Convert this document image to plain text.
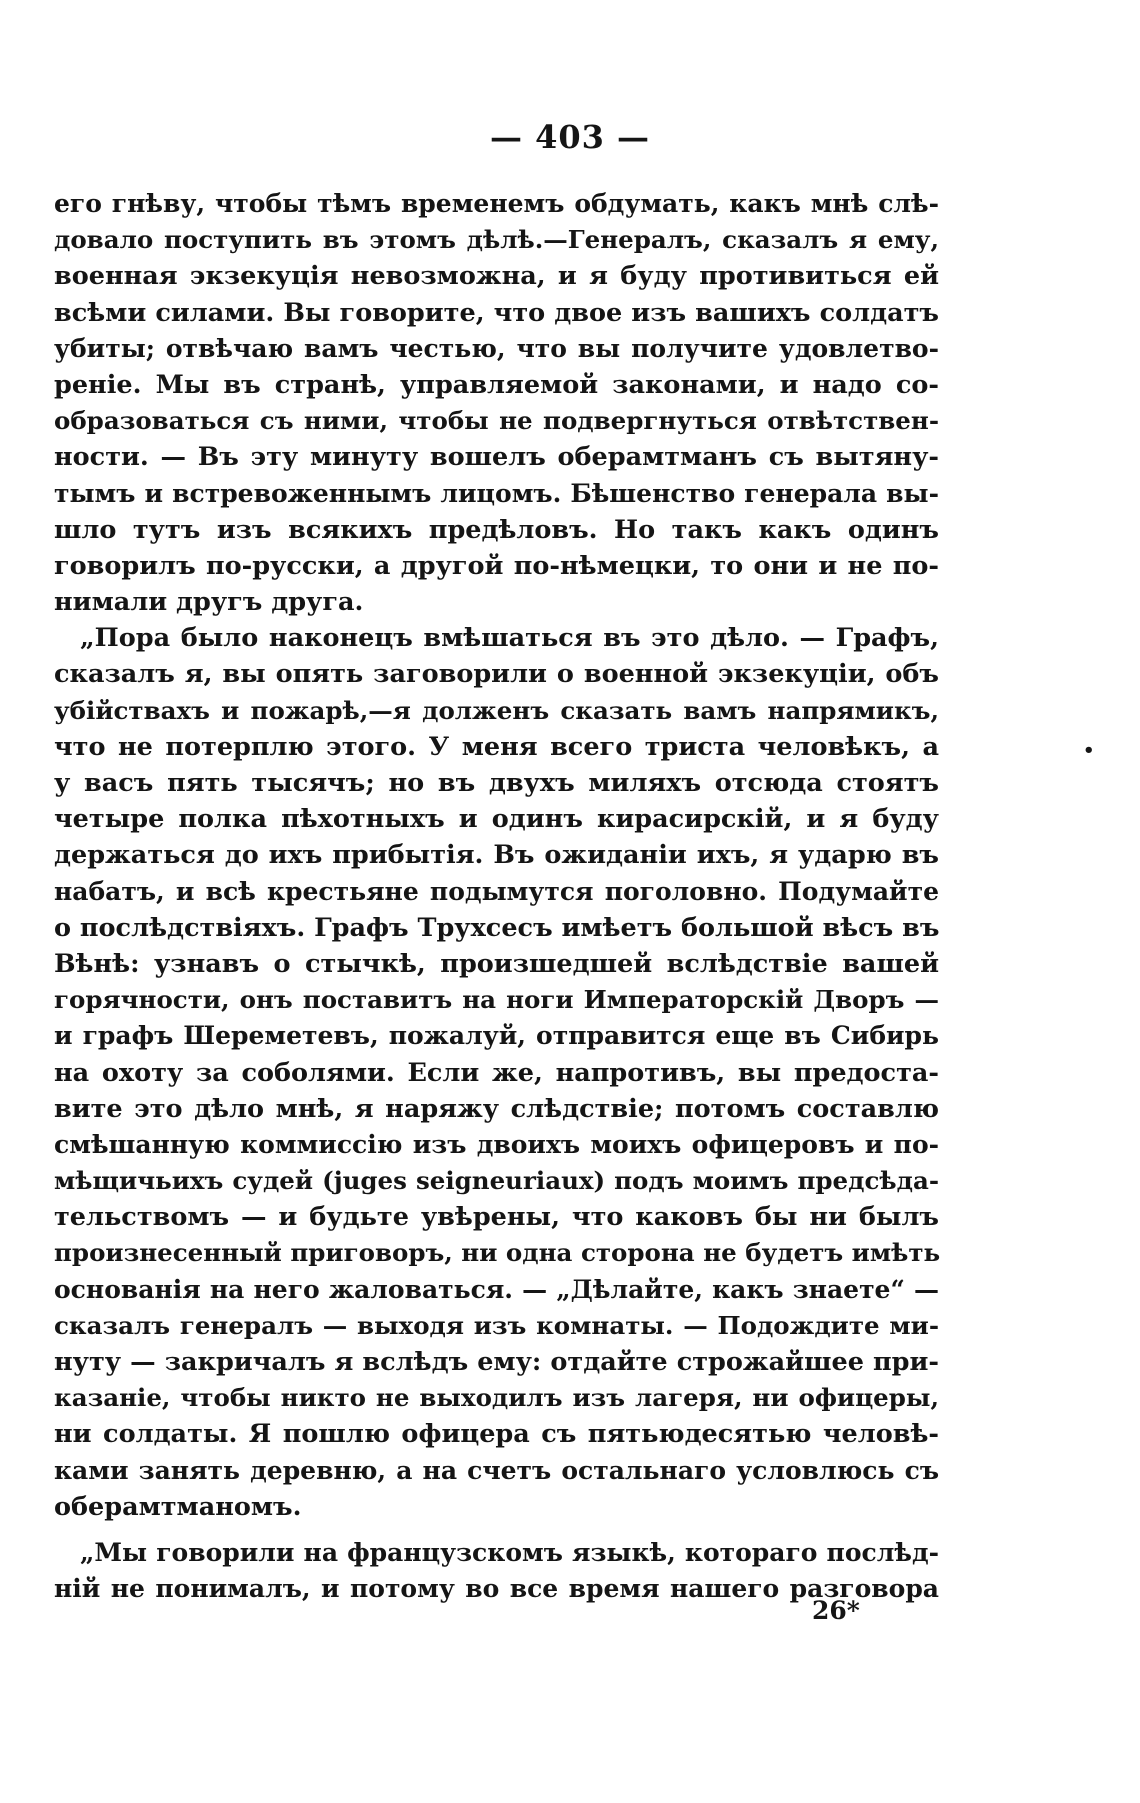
— 403 —
его гнѣву, чтобы тѣмъ временемъ обдумать, какъ мнѣ слѣ-
довало поступить въ этомъ дѣлѣ.—Генералъ, сказалъ я ему,
военная экзекуція невозможна, и я буду противиться ей
всѣми силами. Вы говорите, что двое изъ вашихъ солдатъ
убиты; отвѣчаю вамъ честью, что вы получите удовлетво-
реніе. Мы въ странѣ, управляемой законами, и надо со-
образоваться съ ними, чтобы не подвергнуться отвѣтствен-
ности. — Въ эту минуту вошелъ оберамтманъ съ вытяну-
тымъ и встревоженнымъ лицомъ. Бѣшенство генерала вы-
шло тутъ изъ всякихъ предѣловъ. Но такъ какъ одинъ
говорилъ по-русски, а другой по-нѣмецки, то они и не по-
нимали другъ друга.
„Пора было наконецъ вмѣшаться въ это дѣло. — Графъ,
сказалъ я, вы опять заговорили о военной экзекуціи, объ
убійствахъ и пожарѣ,—я долженъ сказать вамъ напрямикъ,
что не потерплю этого. У меня всего триста человѣкъ, а
у васъ пять тысячъ; но въ двухъ миляхъ отсюда стоятъ
четыре полка пѣхотныхъ и одинъ кирасирскій, и я буду
держаться до ихъ прибытія. Въ ожиданіи ихъ, я ударю въ
набатъ, и всѣ крестьяне подымутся поголовно. Подумайте
о послѣдствіяхъ. Графъ Трухсесъ имѣетъ большой вѣсъ въ
Вѣнѣ: узнавъ о стычкѣ, произшедшей вслѣдствіе вашей
горячности, онъ поставитъ на ноги Императорскій Дворъ —
и графъ Шереметевъ, пожалуй, отправится еще въ Сибирь
на охоту за соболями. Если же, напротивъ, вы предоста-
вите это дѣло мнѣ, я наряжу слѣдствіе; потомъ составлю
смѣшанную коммиссію изъ двоихъ моихъ офицеровъ и по-
мѣщичьихъ судей (juges seigneuriaux) подъ моимъ предсѣда-
тельствомъ — и будьте увѣрены, что каковъ бы ни былъ
произнесенный приговоръ, ни одна сторона не будетъ имѣть
основанія на него жаловаться. — „Дѣлайте, какъ знаете“ —
сказалъ генералъ — выходя изъ комнаты. — Подождите ми-
нуту — закричалъ я вслѣдъ ему: отдайте строжайшее при-
казаніе, чтобы никто не выходилъ изъ лагеря, ни офицеры,
ни солдаты. Я пошлю офицера съ пятьюдесятью человѣ-
ками занять деревню, а на счетъ остальнаго условлюсь съ
оберамтманомъ.
„Мы говорили на французскомъ языкѣ, котораго послѣд-
ній не понималъ, и потому во все время нашего разговора
26*
•
